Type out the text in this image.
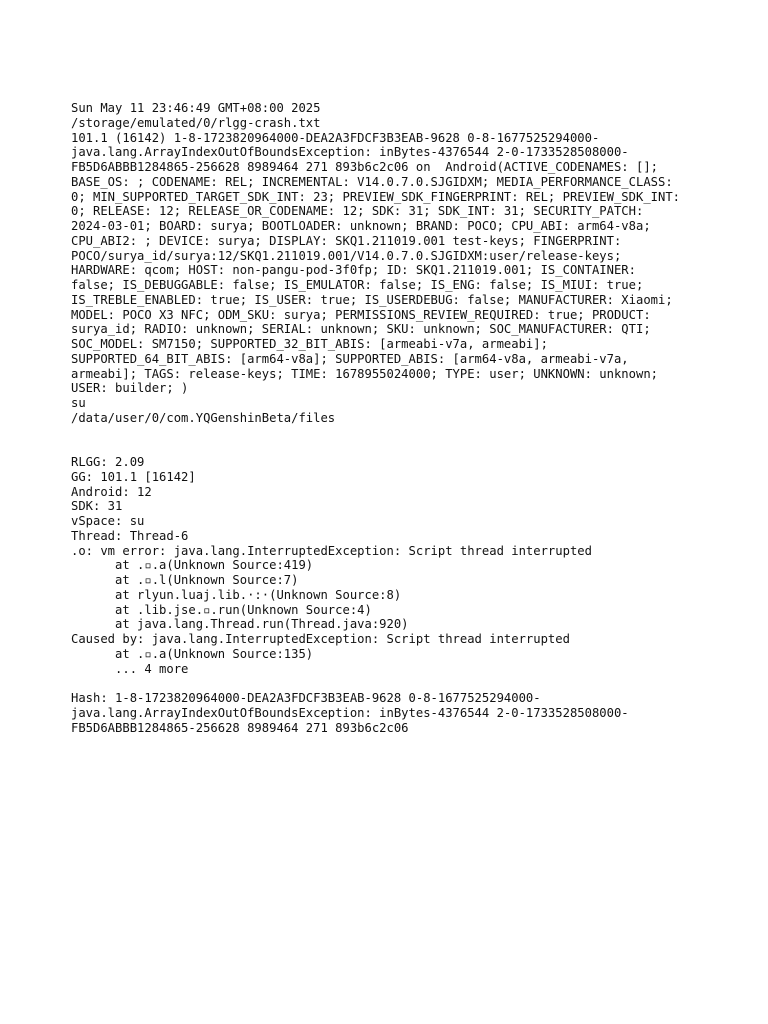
Sun May 11 23:46:49 GMT+08:00 2025
/storage/emulated/0/rlgg-crash.txt
101.1 (16142) 1-8-1723820964000-DEA2A3FDCF3B3EAB-9628 0-8-1677525294000-
java.lang.ArrayIndexOutOfBoundsException: inBytes-4376544 2-0-1733528508000-
FB5D6ABBB1284865-256628 8989464 271 893b6c2c06 on  Android(ACTIVE_CODENAMES: [];
BASE_OS: ; CODENAME: REL; INCREMENTAL: V14.0.7.0.SJGIDXM; MEDIA_PERFORMANCE_CLASS:
0; MIN_SUPPORTED_TARGET_SDK_INT: 23; PREVIEW_SDK_FINGERPRINT: REL; PREVIEW_SDK_INT:
0; RELEASE: 12; RELEASE_OR_CODENAME: 12; SDK: 31; SDK_INT: 31; SECURITY_PATCH:
2024-03-01; BOARD: surya; BOOTLOADER: unknown; BRAND: POCO; CPU_ABI: arm64-v8a;
CPU_ABI2: ; DEVICE: surya; DISPLAY: SKQ1.211019.001 test-keys; FINGERPRINT:
POCO/surya_id/surya:12/SKQ1.211019.001/V14.0.7.0.SJGIDXM:user/release-keys;
HARDWARE: qcom; HOST: non-pangu-pod-3f0fp; ID: SKQ1.211019.001; IS_CONTAINER:
false; IS_DEBUGGABLE: false; IS_EMULATOR: false; IS_ENG: false; IS_MIUI: true;
IS_TREBLE_ENABLED: true; IS_USER: true; IS_USERDEBUG: false; MANUFACTURER: Xiaomi;
MODEL: POCO X3 NFC; ODM_SKU: surya; PERMISSIONS_REVIEW_REQUIRED: true; PRODUCT:
surya_id; RADIO: unknown; SERIAL: unknown; SKU: unknown; SOC_MANUFACTURER: QTI;
SOC_MODEL: SM7150; SUPPORTED_32_BIT_ABIS: [armeabi-v7a, armeabi];
SUPPORTED_64_BIT_ABIS: [arm64-v8a]; SUPPORTED_ABIS: [arm64-v8a, armeabi-v7a,
armeabi]; TAGS: release-keys; TIME: 1678955024000; TYPE: user; UNKNOWN: unknown;
USER: builder; )
su
/data/user/0/com.YQGenshinBeta/files
RLGG: 2.09
GG: 101.1 [16142]
Android: 12
SDK: 31
vSpace: su
Thread: Thread-6
.o: vm error: java.lang.InterruptedException: Script thread interrupted
at .▫.a(Unknown Source:419)
at .▫.l(Unknown Source:7)
at rlyun.luaj.lib.·:·(Unknown Source:8)
at .lib.jse.▫.run(Unknown Source:4)
at java.lang.Thread.run(Thread.java:920)
Caused by: java.lang.InterruptedException: Script thread interrupted
at .▫.a(Unknown Source:135)
... 4 more
Hash: 1-8-1723820964000-DEA2A3FDCF3B3EAB-9628 0-8-1677525294000-
java.lang.ArrayIndexOutOfBoundsException: inBytes-4376544 2-0-1733528508000-
FB5D6ABBB1284865-256628 8989464 271 893b6c2c06
